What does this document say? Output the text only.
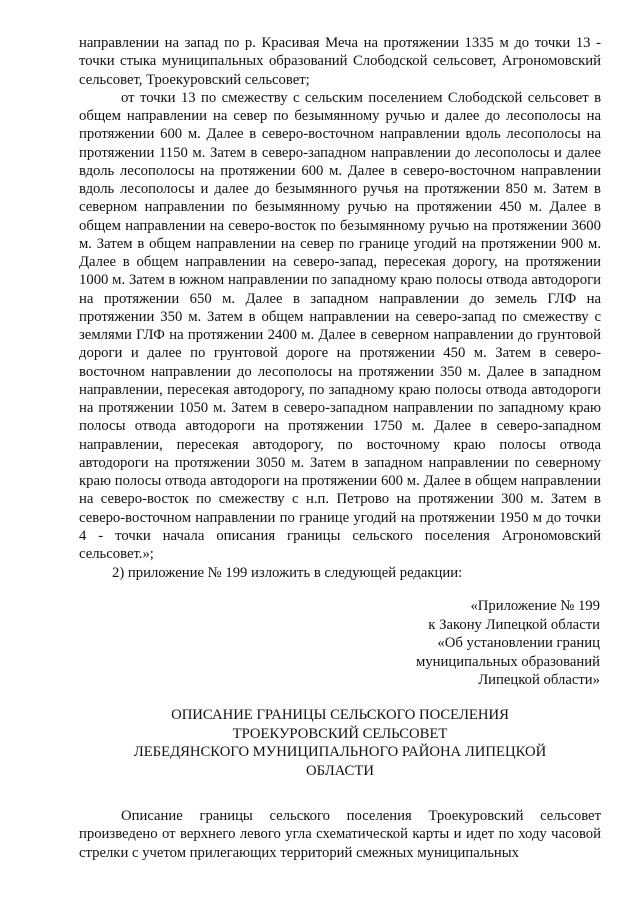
направлении на запад по р. Красивая Меча на протяжении 1335 м до точки 13 - точки стыка муниципальных образований Слободской сельсовет, Агрономовский сельсовет, Троекуровский сельсовет;

от точки 13 по смежеству с сельским поселением Слободской сельсовет в общем направлении на север по безымянному ручью и далее до лесополосы на протяжении 600 м. Далее в северо-восточном направлении вдоль лесополосы на протяжении 1150 м. Затем в северо-западном направлении до лесополосы и далее вдоль лесополосы на протяжении 600 м. Далее в северо-восточном направлении вдоль лесополосы и далее до безымянного ручья на протяжении 850 м. Затем в северном направлении по безымянному ручью на протяжении 450 м. Далее в общем направлении на северо-восток по безымянному ручью на протяжении 3600 м. Затем в общем направлении на север по границе угодий на протяжении 900 м. Далее в общем направлении на северо-запад, пересекая дорогу, на протяжении 1000 м. Затем в южном направлении по западному краю полосы отвода автодороги на протяжении 650 м. Далее в западном направлении до земель ГЛФ на протяжении 350 м. Затем в общем направлении на северо-запад по смежеству с землями ГЛФ на протяжении 2400 м. Далее в северном направлении до грунтовой дороги и далее по грунтовой дороге на протяжении 450 м. Затем в северо-восточном направлении до лесополосы на протяжении 350 м. Далее в западном направлении, пересекая автодорогу, по западному краю полосы отвода автодороги на протяжении 1050 м. Затем в северо-западном направлении по западному краю полосы отвода автодороги на протяжении 1750 м. Далее в северо-западном направлении, пересекая автодорогу, по восточному краю полосы отвода автодороги на протяжении 3050 м. Затем в западном направлении по северному краю полосы отвода автодороги на протяжении 600 м. Далее в общем направлении на северо-восток по смежеству с н.п. Петрово на протяжении 300 м. Затем в северо-восточном направлении по границе угодий на протяжении 1950 м до точки 4 - точки начала описания границы сельского поселения Агрономовский сельсовет.»;

2) приложение № 199 изложить в следующей редакции:
«Приложение № 199
к Закону Липецкой области
«Об установлении границ
муниципальных образований
Липецкой области»
ОПИСАНИЕ ГРАНИЦЫ СЕЛЬСКОГО ПОСЕЛЕНИЯ
ТРОЕКУРОВСКИЙ СЕЛЬСОВЕТ
ЛЕБЕДЯНСКОГО МУНИЦИПАЛЬНОГО РАЙОНА ЛИПЕЦКОЙ
ОБЛАСТИ

Описание границы сельского поселения Троекуровский сельсовет произведено от верхнего левого угла схематической карты и идет по ходу часовой стрелки с учетом прилегающих территорий смежных муниципальных
